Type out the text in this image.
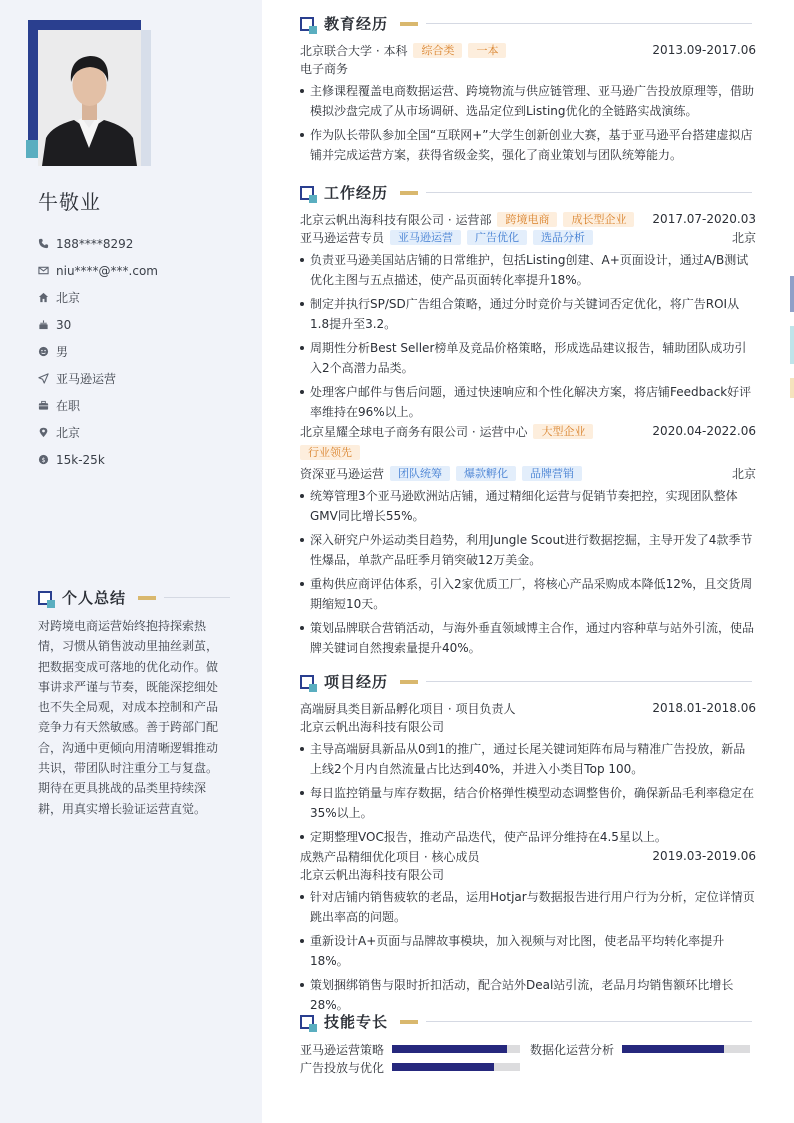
牛敬业
188****8292
niu****@***.com
北京
30
男
亚马逊运营
在职
北京
$ 15k-25k
个人总结
对跨境电商运营始终抱持探索热情，习惯从销售波动里抽丝剥茧，把数据变成可落地的优化动作。做事讲求严谨与节奏，既能深挖细处也不失全局观，对成本控制和产品竞争力有天然敏感。善于跨部门配合，沟通中更倾向用清晰逻辑推动共识，带团队时注重分工与复盘。期待在更具挑战的品类里持续深耕，用真实增长验证运营直觉。
教育经历
北京联合大学 · 本科	综合类	一本	2013.09-2017.06
电子商务
主修课程覆盖电商数据运营、跨境物流与供应链管理、亚马逊广告投放原理等，借助模拟沙盘完成了从市场调研、选品定位到Listing优化的全链路实战演练。
作为队长带队参加全国“互联网+”大学生创新创业大赛，基于亚马逊平台搭建虚拟店铺并完成运营方案，获得省级金奖，强化了商业策划与团队统筹能力。
工作经历
北京云帆出海科技有限公司 · 运营部	跨境电商	成长型企业	2017.07-2020.03
亚马逊运营专员	亚马逊运营	广告优化	选品分析	北京
负责亚马逊美国站店铺的日常维护，包括Listing创建、A+页面设计，通过A/B测试优化主图与五点描述，使产品页面转化率提升18%。
制定并执行SP/SD广告组合策略，通过分时竞价与关键词否定优化，将广告ROI从1.8提升至3.2。
周期性分析Best Seller榜单及竞品价格策略，形成选品建议报告，辅助团队成功引入2个高潜力品类。
处理客户邮件与售后问题，通过快速响应和个性化解决方案，将店铺Feedback好评率维持在96%以上。
北京星耀全球电子商务有限公司 · 运营中心	大型企业	2020.04-2022.06
行业领先
资深亚马逊运营	团队统筹	爆款孵化	品牌营销	北京
统筹管理3个亚马逊欧洲站店铺，通过精细化运营与促销节奏把控，实现团队整体GMV同比增长55%。
深入研究户外运动类目趋势，利用Jungle Scout进行数据挖掘，主导开发了4款季节性爆品，单款产品旺季月销突破12万美金。
重构供应商评估体系，引入2家优质工厂，将核心产品采购成本降低12%，且交货周期缩短10天。
策划品牌联合营销活动，与海外垂直领域博主合作，通过内容种草与站外引流，使品牌关键词自然搜索量提升40%。
项目经历
高端厨具类目新品孵化项目 · 项目负责人	2018.01-2018.06
北京云帆出海科技有限公司
主导高端厨具新品从0到1的推广，通过长尾关键词矩阵布局与精准广告投放，新品上线2个月内自然流量占比达到40%，并进入小类目Top 100。
每日监控销量与库存数据，结合价格弹性模型动态调整售价，确保新品毛利率稳定在35%以上。
定期整理VOC报告，推动产品迭代，使产品评分维持在4.5星以上。
成熟产品精细优化项目 · 核心成员	2019.03-2019.06
北京云帆出海科技有限公司
针对店铺内销售疲软的老品，运用Hotjar与数据报告进行用户行为分析，定位详情页跳出率高的问题。
重新设计A+页面与品牌故事模块，加入视频与对比图，使老品平均转化率提升18%。
策划捆绑销售与限时折扣活动，配合站外Deal站引流，老品月均销售额环比增长28%。
技能专长
亚马逊运营策略	数据化运营分析
广告投放与优化
